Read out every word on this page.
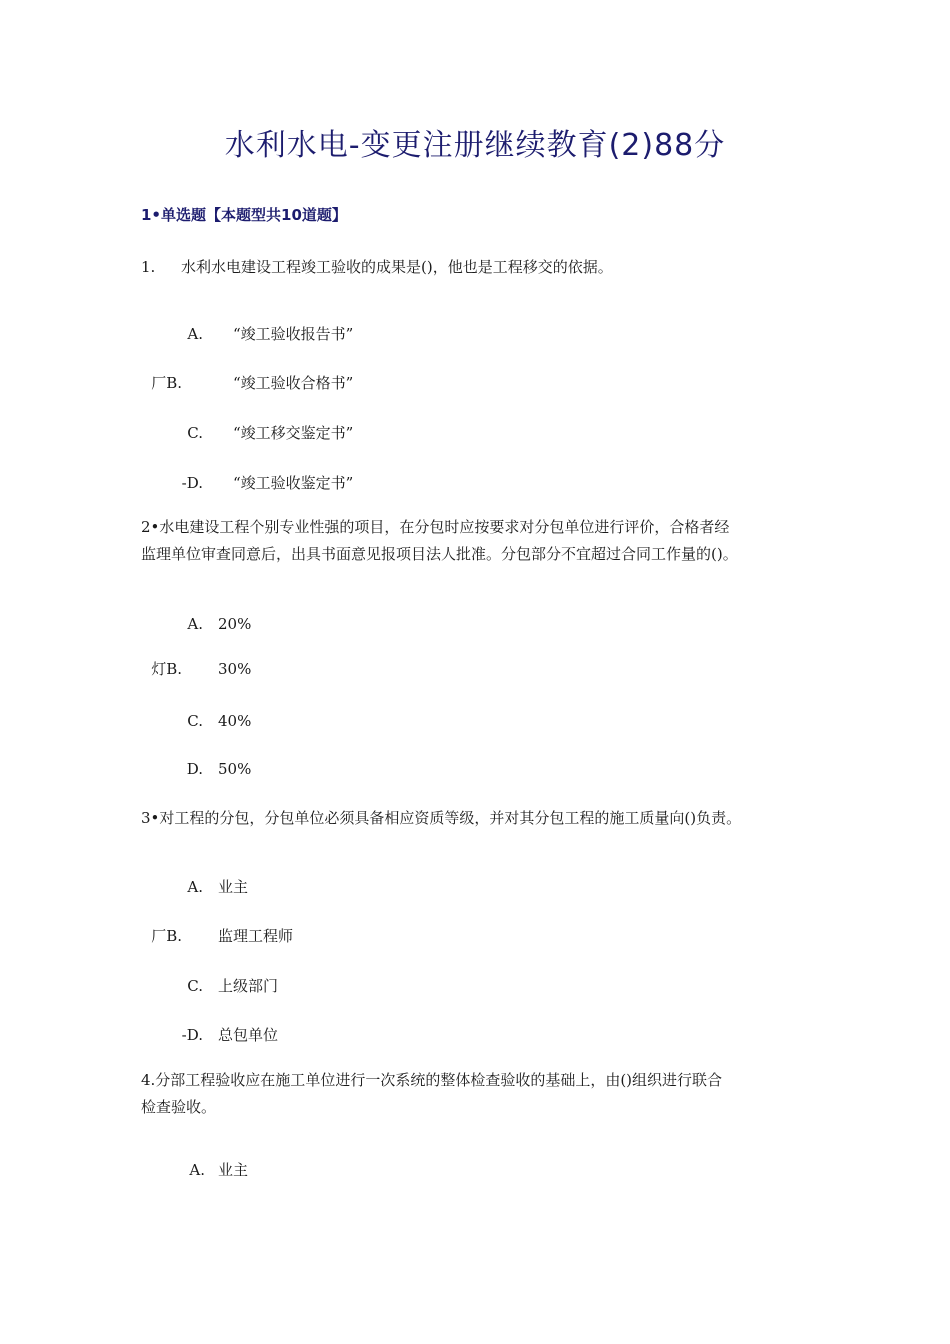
水利水电-变更注册继续教育(2)88分
1•单选题【本题型共10道题】
1. 水利水电建设工程竣工验收的成果是()，他也是工程移交的依据。
A. “竣工验收报告书”
厂B.	“竣工验收合格书”
C. “竣工移交鉴定书”
-D. “竣工验收鉴定书”
2•水电建设工程个别专业性强的项目，在分包时应按要求对分包单位进行评价，合格者经
监理单位审查同意后，出具书面意见报项目法人批准。分包部分不宜超过合同工作量的()。
A. 20%
灯B. 30%
C. 40%
D. 50%
3•对工程的分包，分包单位必须具备相应资质等级，并对其分包工程的施工质量向()负责。
A. 业主
厂B. 监理工程师
C. 上级部门
-D. 总包单位
4.分部工程验收应在施工单位进行一次系统的整体检查验收的基础上，由()组织进行联合
检查验收。
A. 业主
